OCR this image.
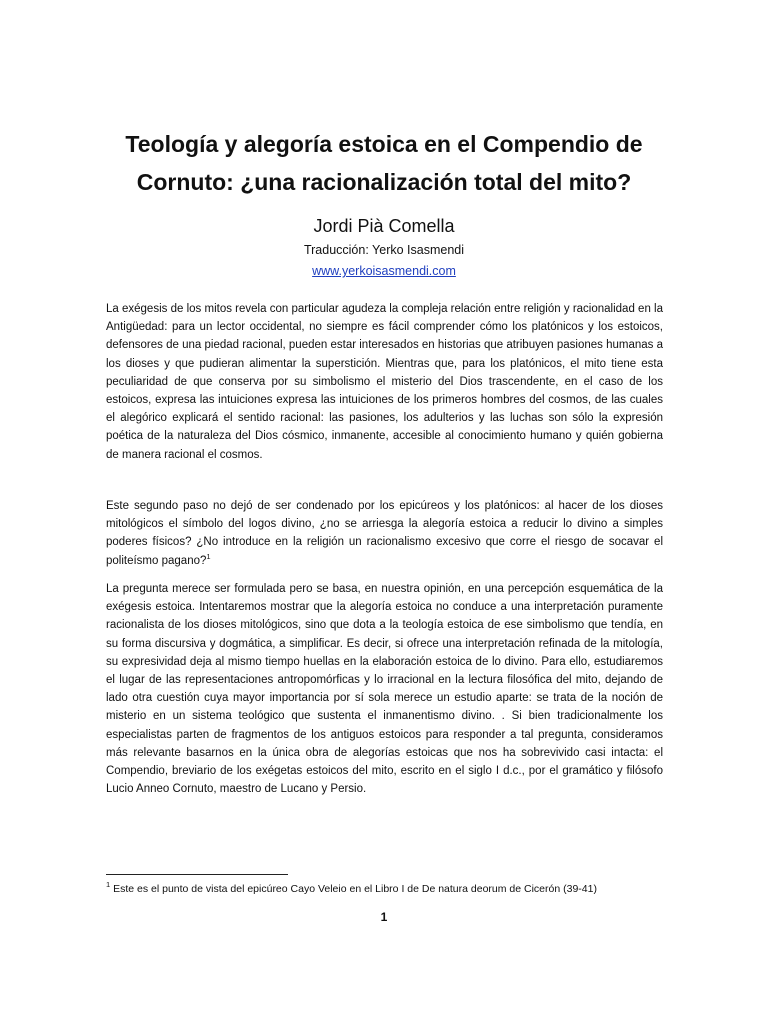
Teología y alegoría estoica en el Compendio de
Cornuto: ¿una racionalización total del mito?

Jordi Pià Comella

Traducción: Yerko Isasmendi

www.yerkoisasmendi.com

La exégesis de los mitos revela con particular agudeza la compleja relación entre religión y racionalidad en la Antigüedad: para un lector occidental, no siempre es fácil comprender cómo los platónicos y los estoicos, defensores de una piedad racional, pueden estar interesados en historias que atribuyen pasiones humanas a los dioses y que pudieran alimentar la superstición. Mientras que, para los platónicos, el mito tiene esta peculiaridad de que conserva por su simbolismo el misterio del Dios trascendente, en el caso de los estoicos, expresa las intuiciones expresa las intuiciones de los primeros hombres del cosmos, de las cuales el alegórico explicará el sentido racional: las pasiones, los adulterios y las luchas son sólo la expresión poética de la naturaleza del Dios cósmico, inmanente, accesible al conocimiento humano y quién gobierna de manera racional el cosmos.

Este segundo paso no dejó de ser condenado por los epicúreos y los platónicos: al hacer de los dioses mitológicos el símbolo del logos divino, ¿no se arriesga la alegoría estoica a reducir lo divino a simples poderes físicos? ¿No introduce en la religión un racionalismo excesivo que corre el riesgo de socavar el politeísmo pagano?$^1$

La pregunta merece ser formulada pero se basa, en nuestra opinión, en una percepción esquemática de la exégesis estoica. Intentaremos mostrar que la alegoría estoica no conduce a una interpretación puramente racionalista de los dioses mitológicos, sino que dota a la teología estoica de ese simbolismo que tendía, en su forma discursiva y dogmática, a simplificar. Es decir, si ofrece una interpretación refinada de la mitología, su expresividad deja al mismo tiempo huellas en la elaboración estoica de lo divino. Para ello, estudiaremos el lugar de las representaciones antropomórficas y lo irracional en la lectura filosófica del mito, dejando de lado otra cuestión cuya mayor importancia por sí sola merece un estudio aparte: se trata de la noción de misterio en un sistema teológico que sustenta el inmanentismo divino. . Si bien tradicionalmente los especialistas parten de fragmentos de los antiguos estoicos para responder a tal pregunta, consideramos más relevante basarnos en la única obra de alegorías estoicas que nos ha sobrevivido casi intacta: el Compendio, breviario de los exégetas estoicos del mito, escrito en el siglo I d.c., por el gramático y filósofo Lucio Anneo Cornuto, maestro de Lucano y Persio.

$^1$ Este es el punto de vista del epicúreo Cayo Veleio en el Libro I de De natura deorum de Cicerón (39-41)

1
